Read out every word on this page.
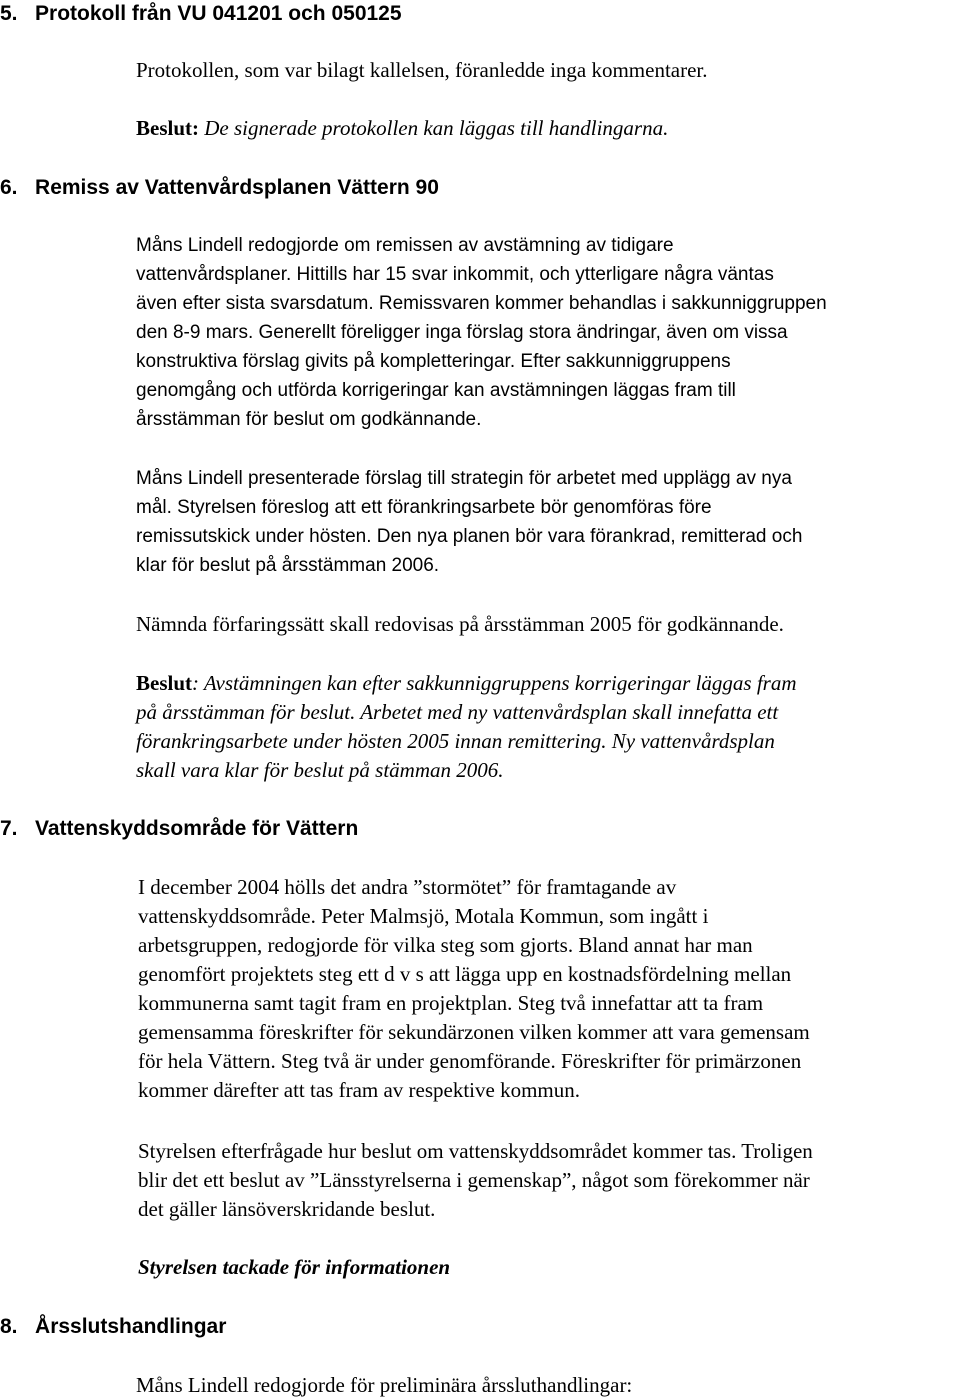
5. Protokoll från VU 041201 och 050125
Protokollen, som var bilagt kallelsen, föranledde inga kommentarer.
Beslut: De signerade protokollen kan läggas till handlingarna.
6. Remiss av Vattenvårdsplanen Vättern 90
Måns Lindell redogjorde om remissen av avstämning av tidigare
vattenvårdsplaner. Hittills har 15 svar inkommit, och ytterligare några väntas
även efter sista svarsdatum. Remissvaren kommer behandlas i sakkunniggruppen
den 8-9 mars. Generellt föreligger inga förslag stora ändringar, även om vissa
konstruktiva förslag givits på kompletteringar. Efter sakkunniggruppens
genomgång och utförda korrigeringar kan avstämningen läggas fram till
årsstämman för beslut om godkännande.
Måns Lindell presenterade förslag till strategin för arbetet med upplägg av nya
mål. Styrelsen föreslog att ett förankringsarbete bör genomföras före
remissutskick under hösten. Den nya planen bör vara förankrad, remitterad och
klar för beslut på årsstämman 2006.
Nämnda förfaringssätt skall redovisas på årsstämman 2005 för godkännande.
Beslut: Avstämningen kan efter sakkunniggruppens korrigeringar läggas fram
på årsstämman för beslut. Arbetet med ny vattenvårdsplan skall innefatta ett
förankringsarbete under hösten 2005 innan remittering. Ny vattenvårdsplan
skall vara klar för beslut på stämman 2006.
7. Vattenskyddsområde för Vättern
I december 2004 hölls det andra ”stormötet” för framtagande av
vattenskyddsområde. Peter Malmsjö, Motala Kommun, som ingått i
arbetsgruppen, redogjorde för vilka steg som gjorts. Bland annat har man
genomfört projektets steg ett d v s att lägga upp en kostnadsfördelning mellan
kommunerna samt tagit fram en projektplan. Steg två innefattar att ta fram
gemensamma föreskrifter för sekundärzonen vilken kommer att vara gemensam
för hela Vättern. Steg två är under genomförande. Föreskrifter för primärzonen
kommer därefter att tas fram av respektive kommun.
Styrelsen efterfrågade hur beslut om vattenskyddsområdet kommer tas. Troligen
blir det ett beslut av ”Länsstyrelserna i gemenskap”, något som förekommer när
det gäller länsöverskridande beslut.
Styrelsen tackade för informationen
8. Årsslutshandlingar
Måns Lindell redogjorde för preliminära årssluthandlingar:
